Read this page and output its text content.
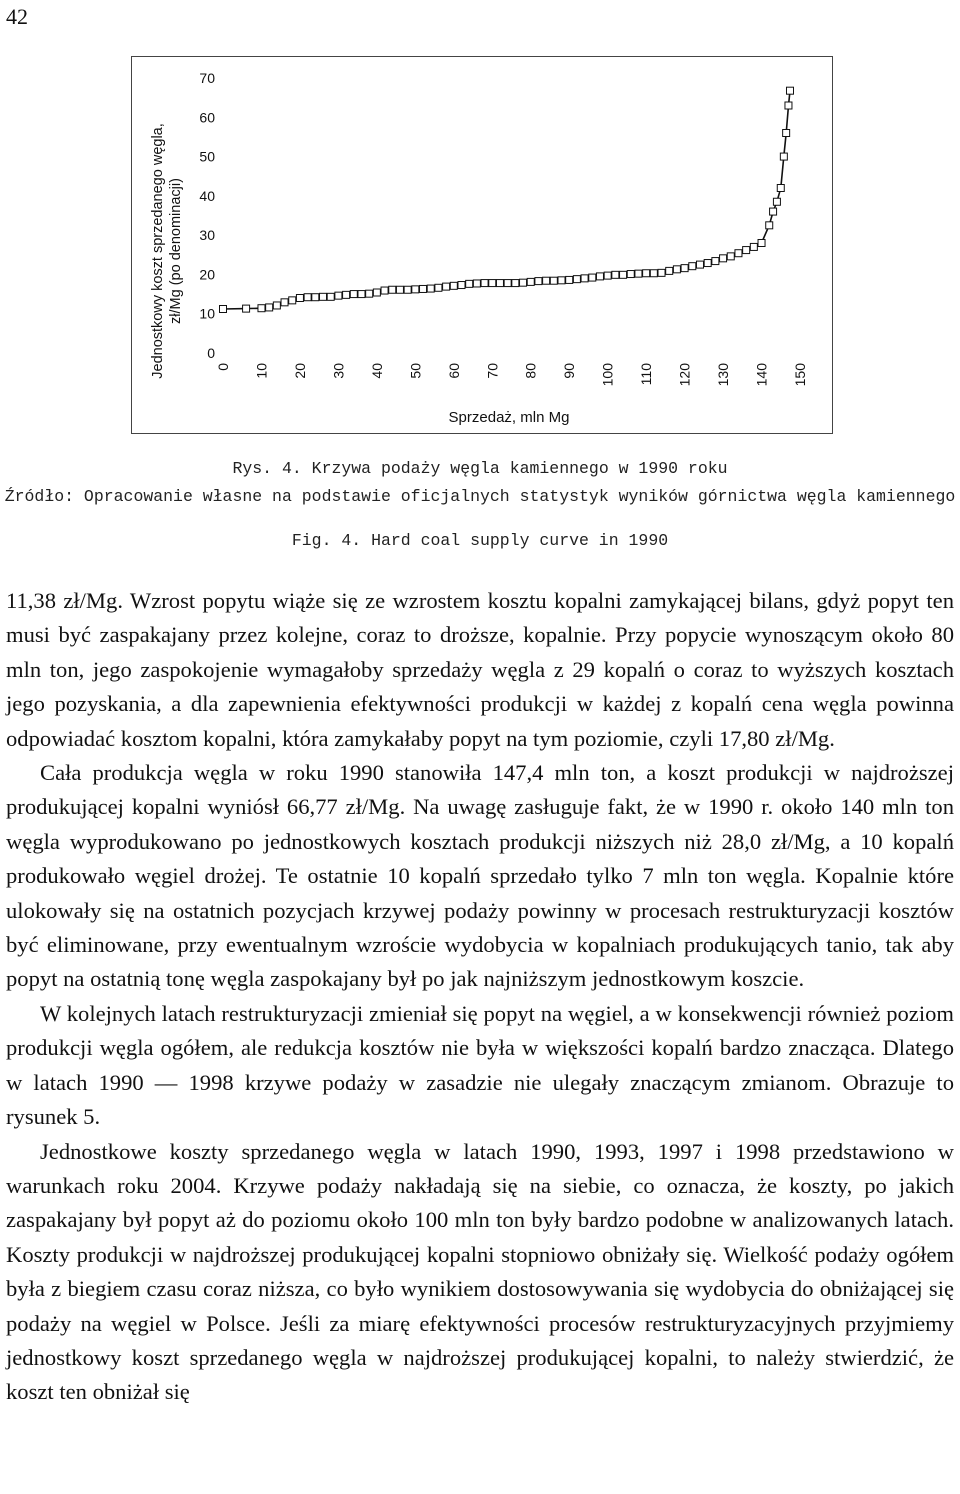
42
Jednostkowy koszt sprzedanego węgla, zł/Mg (po denominacji)
Sprzedaż, mln Mg
0
10
20
30
40
50
60
70
0 10 20 30 40 50 60 70 80 90 100 110 120 130 140 150
Rys. 4. Krzywa podaży węgla kamiennego w 1990 roku
Źródło: Opracowanie własne na podstawie oficjalnych statystyk wyników górnictwa węgla kamiennego
Fig. 4. Hard coal supply curve in 1990

11,38 zł/Mg. Wzrost popytu wiąże się ze wzrostem kosztu kopalni zamykającej bilans, gdyż popyt ten musi być zaspakajany przez kolejne, coraz to droższe, kopalnie. Przy popycie wynoszącym około 80 mln ton, jego zaspokojenie wymagałoby sprzedaży węgla z 29 kopalń o coraz to wyższych kosztach jego pozyskania, a dla zapewnienia efektywności produkcji w każdej z kopalń cena węgla powinna odpowiadać kosztom kopalni, która zamykałaby popyt na tym poziomie, czyli 17,80 zł/Mg.

Cała produkcja węgla w roku 1990 stanowiła 147,4 mln ton, a koszt produkcji w najdroższej produkującej kopalni wyniósł 66,77 zł/Mg. Na uwagę zasługuje fakt, że w 1990 r. około 140 mln ton węgla wyprodukowano po jednostkowych kosztach produkcji niższych niż 28,0 zł/Mg, a 10 kopalń produkowało węgiel drożej. Te ostatnie 10 kopalń sprzedało tylko 7 mln ton węgla. Kopalnie które ulokowały się na ostatnich pozycjach krzywej podaży powinny w procesach restrukturyzacji kosztów być eliminowane, przy ewentualnym wzroście wydobycia w kopalniach produkujących tanio, tak aby popyt na ostatnią tonę węgla zaspokajany był po jak najniższym jednostkowym koszcie.

W kolejnych latach restrukturyzacji zmieniał się popyt na węgiel, a w konsekwencji również poziom produkcji węgla ogółem, ale redukcja kosztów nie była w większości kopalń bardzo znacząca. Dlatego w latach 1990 — 1998 krzywe podaży w zasadzie nie ulegały znaczącym zmianom. Obrazuje to rysunek 5.

Jednostkowe koszty sprzedanego węgla w latach 1990, 1993, 1997 i 1998 przedstawiono w warunkach roku 2004. Krzywe podaży nakładają się na siebie, co oznacza, że koszty, po jakich zaspakajany był popyt aż do poziomu około 100 mln ton były bardzo podobne w analizowanych latach. Koszty produkcji w najdroższej produkującej kopalni stopniowo obniżały się. Wielkość podaży ogółem była z biegiem czasu coraz niższa, co było wynikiem dostosowywania się wydobycia do obniżającej się podaży na węgiel w Polsce. Jeśli za miarę efektywności procesów restrukturyzacyjnych przyjmiemy jednostkowy koszt sprzedanego węgla w najdroższej produkującej kopalni, to należy stwierdzić, że koszt ten obniżał się
